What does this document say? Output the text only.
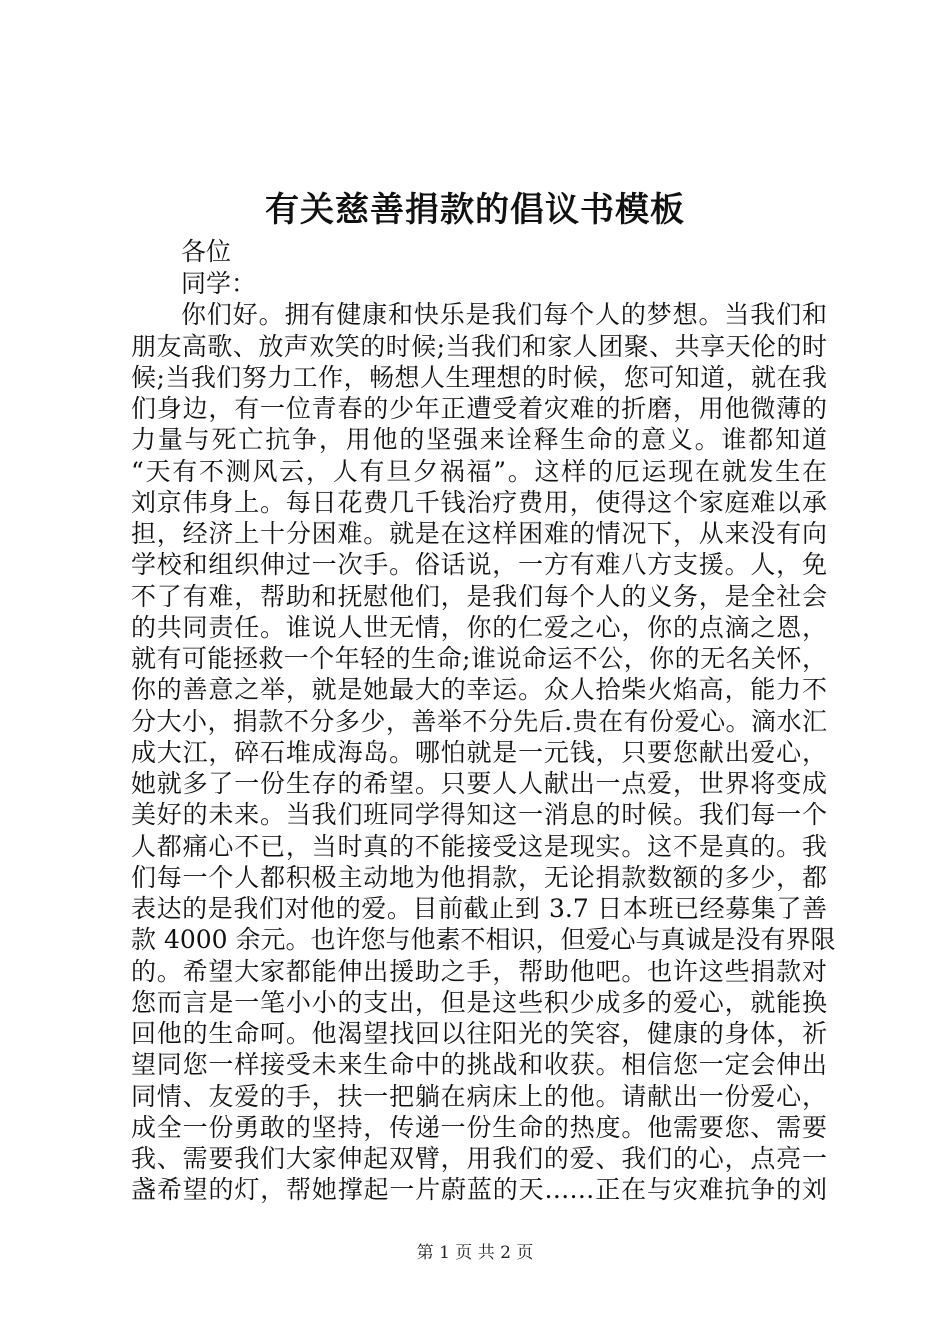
有关慈善捐款的倡议书模板
各位
同学：
你们好。拥有健康和快乐是我们每个人的梦想。当我们和
朋友高歌、放声欢笑的时候;当我们和家人团聚、共享天伦的时
候;当我们努力工作，畅想人生理想的时候，您可知道，就在我
们身边，有一位青春的少年正遭受着灾难的折磨，用他微薄的
力量与死亡抗争，用他的坚强来诠释生命的意义。谁都知道
“天有不测风云，人有旦夕祸福”。这样的厄运现在就发生在
刘京伟身上。每日花费几千钱治疗费用，使得这个家庭难以承
担，经济上十分困难。就是在这样困难的情况下，从来没有向
学校和组织伸过一次手。俗话说，一方有难八方支援。人，免
不了有难，帮助和抚慰他们，是我们每个人的义务，是全社会
的共同责任。谁说人世无情，你的仁爱之心，你的点滴之恩，
就有可能拯救一个年轻的生命;谁说命运不公，你的无名关怀，
你的善意之举，就是她最大的幸运。众人拾柴火焰高，能力不
分大小，捐款不分多少，善举不分先后.贵在有份爱心。滴水汇
成大江，碎石堆成海岛。哪怕就是一元钱，只要您献出爱心，
她就多了一份生存的希望。只要人人献出一点爱，世界将变成
美好的未来。当我们班同学得知这一消息的时候。我们每一个
人都痛心不已，当时真的不能接受这是现实。这不是真的。我
们每一个人都积极主动地为他捐款，无论捐款数额的多少，都
表达的是我们对他的爱。目前截止到 3.7 日本班已经募集了善
款 4000 余元。也许您与他素不相识，但爱心与真诚是没有界限
的。希望大家都能伸出援助之手，帮助他吧。也许这些捐款对
您而言是一笔小小的支出，但是这些积少成多的爱心，就能换
回他的生命呵。他渴望找回以往阳光的笑容，健康的身体，祈
望同您一样接受未来生命中的挑战和收获。相信您一定会伸出
同情、友爱的手，扶一把躺在病床上的他。请献出一份爱心，
成全一份勇敢的坚持，传递一份生命的热度。他需要您、需要
我、需要我们大家伸起双臂，用我们的爱、我们的心，点亮一
盏希望的灯，帮她撑起一片蔚蓝的天……正在与灾难抗争的刘
第 1 页 共 2 页
